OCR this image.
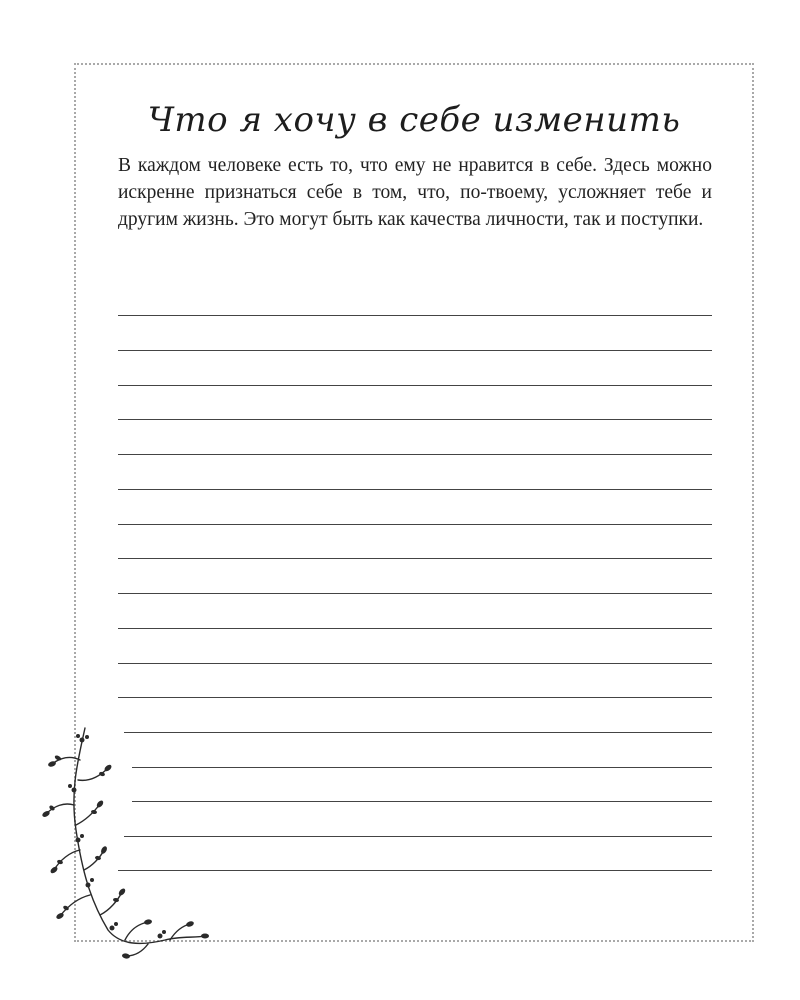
Что я хочу в себе изменить

В каждом человеке есть то, что ему не нравится в себе. Здесь можно искренне признаться себе в том, что, по-твоему, усложняет тебе и другим жизнь. Это могут быть как качества личности, так и поступки.
